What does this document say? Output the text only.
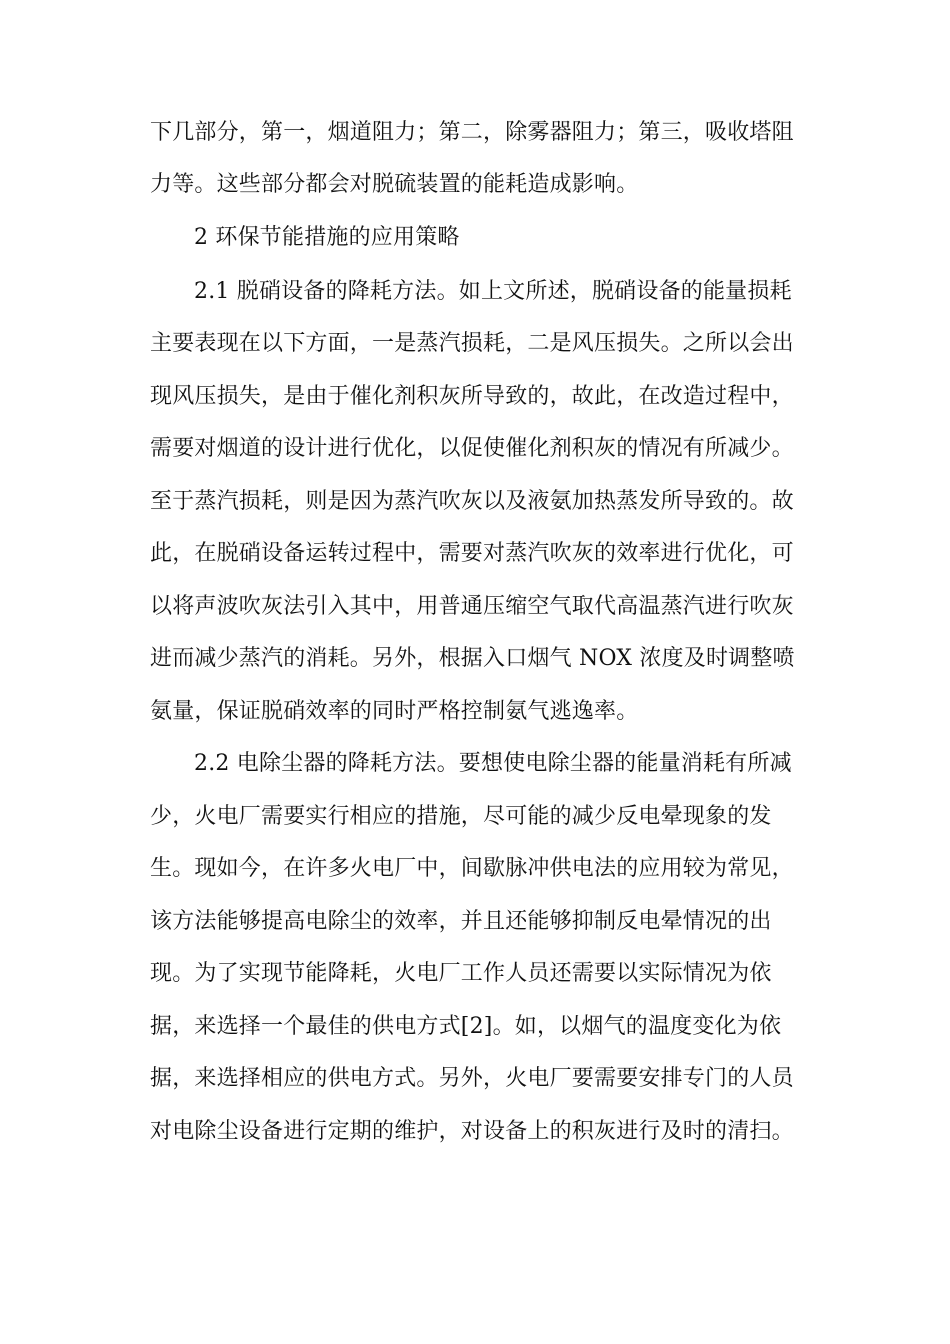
下几部分，第一，烟道阻力；第二，除雾器阻力；第三，吸收塔阻
力等。这些部分都会对脱硫装置的能耗造成影响。
2 环保节能措施的应用策略
2.1 脱硝设备的降耗方法。如上文所述，脱硝设备的能量损耗
主要表现在以下方面，一是蒸汽损耗，二是风压损失。之所以会出
现风压损失，是由于催化剂积灰所导致的，故此，在改造过程中，
需要对烟道的设计进行优化，以促使催化剂积灰的情况有所减少。
至于蒸汽损耗，则是因为蒸汽吹灰以及液氨加热蒸发所导致的。故
此，在脱硝设备运转过程中，需要对蒸汽吹灰的效率进行优化，可
以将声波吹灰法引入其中，用普通压缩空气取代高温蒸汽进行吹灰
进而减少蒸汽的消耗。另外，根据入口烟气 NOX 浓度及时调整喷
氨量，保证脱硝效率的同时严格控制氨气逃逸率。
2.2 电除尘器的降耗方法。要想使电除尘器的能量消耗有所减
少，火电厂需要实行相应的措施，尽可能的减少反电晕现象的发
生。现如今，在许多火电厂中，间歇脉冲供电法的应用较为常见，
该方法能够提高电除尘的效率，并且还能够抑制反电晕情况的出
现。为了实现节能降耗，火电厂工作人员还需要以实际情况为依
据，来选择一个最佳的供电方式[2]。如，以烟气的温度变化为依
据，来选择相应的供电方式。另外，火电厂要需要安排专门的人员
对电除尘设备进行定期的维护，对设备上的积灰进行及时的清扫。
